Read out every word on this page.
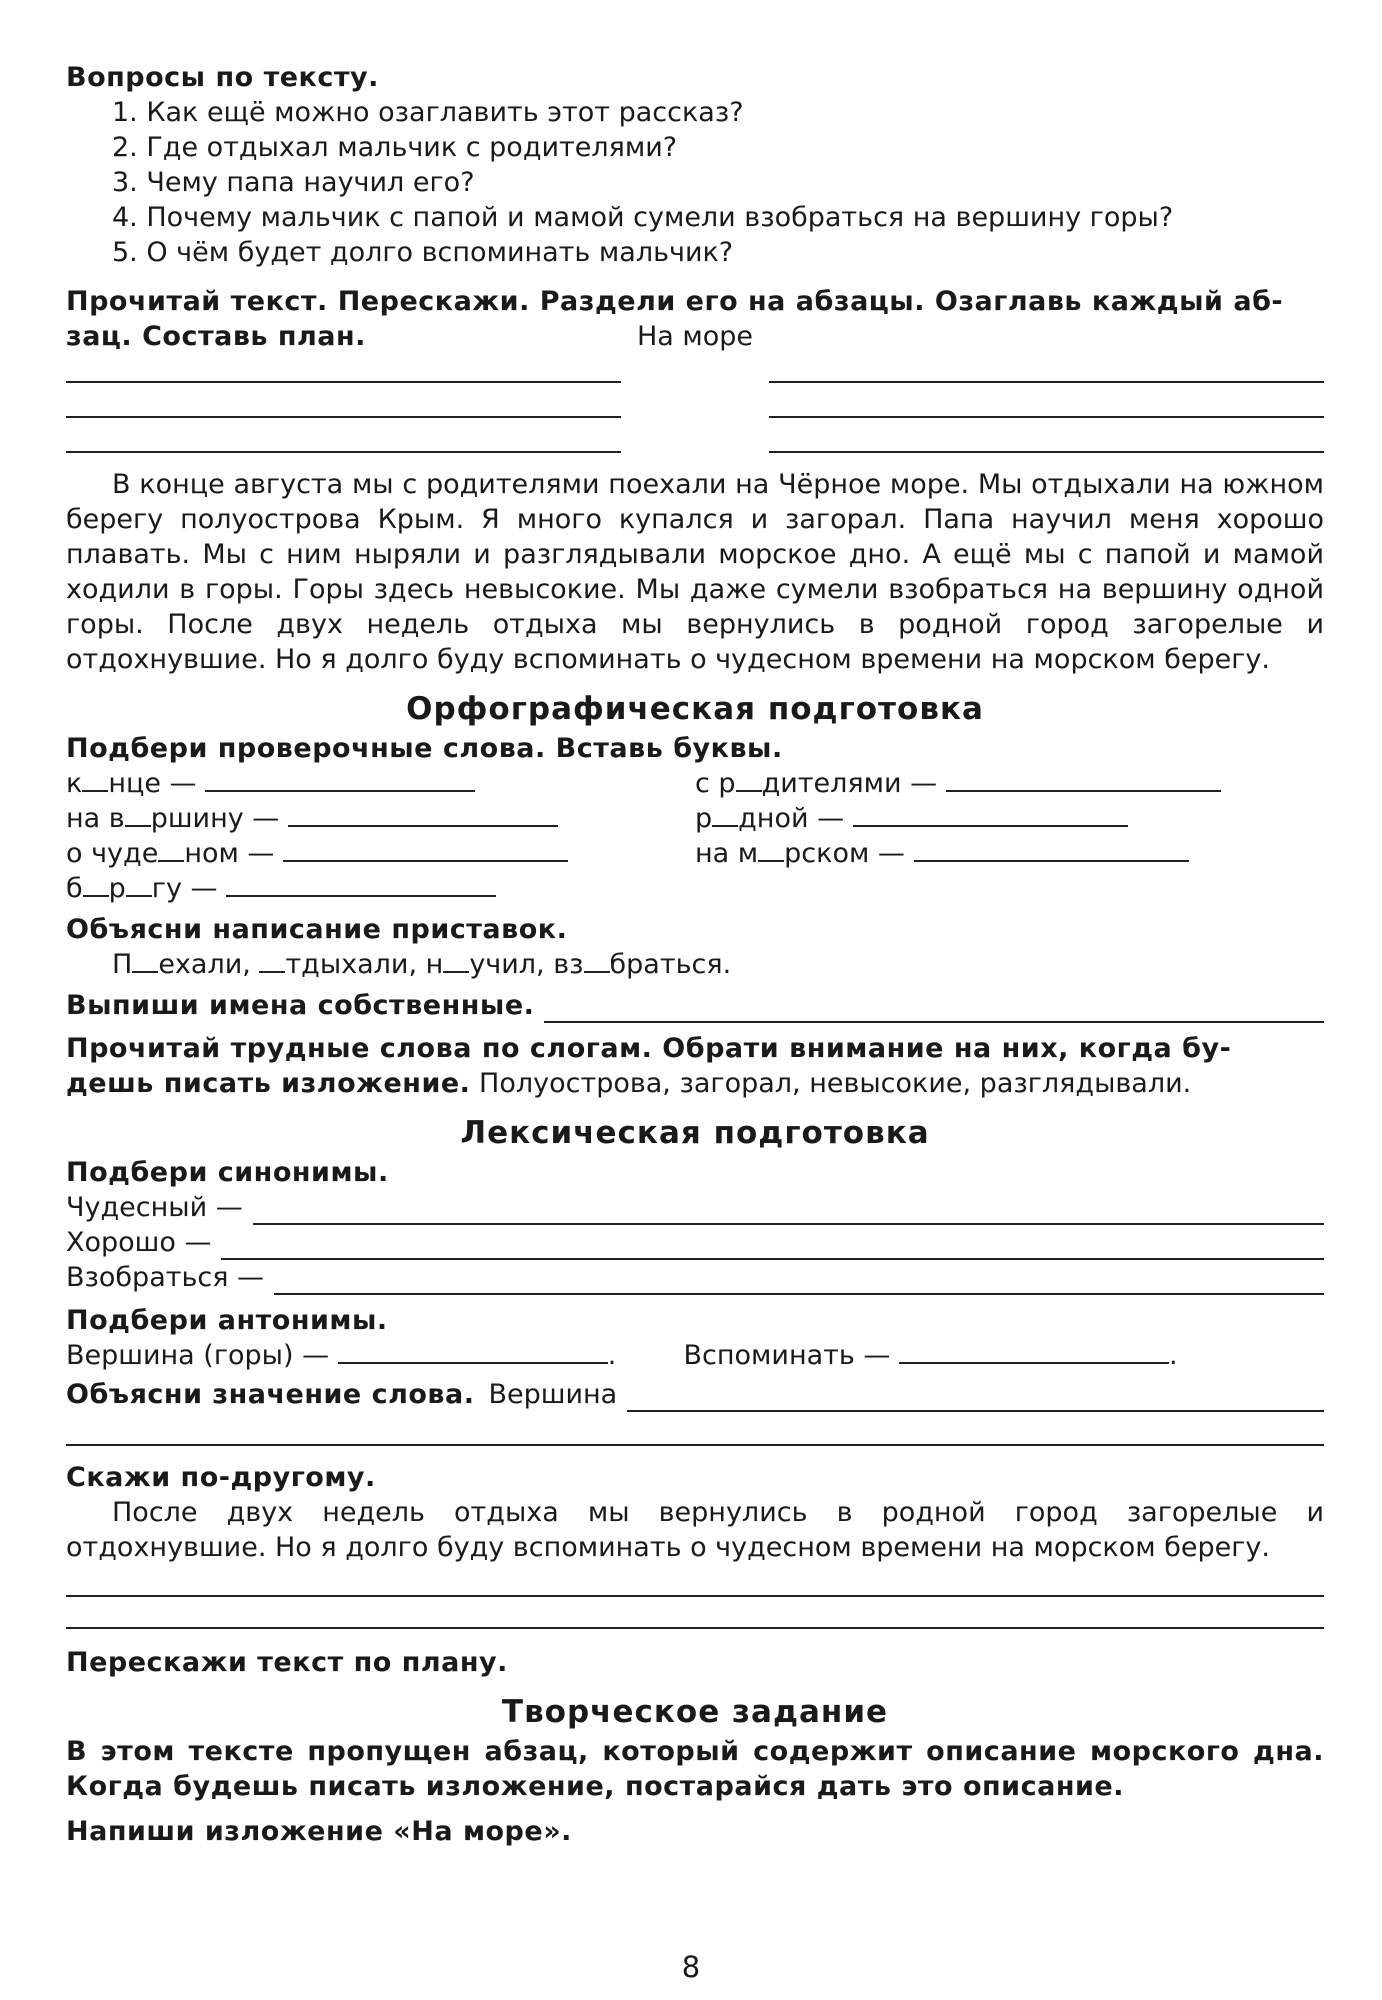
Вопросы по тексту.
1. Как ещё можно озаглавить этот рассказ?
2. Где отдыхал мальчик с родителями?
3. Чему папа научил его?
4. Почему мальчик с папой и мамой сумели взобраться на вершину горы?
5. О чём будет долго вспоминать мальчик?
Прочитай текст. Перескажи. Раздели его на абзацы. Озаглавь каждый аб-
зац. Составь план.	На море
В конце августа мы с родителями поехали на Чёрное море. Мы отдыхали на южном берегу полуострова Крым. Я много купался и загорал. Папа научил меня хорошо плавать. Мы с ним ныряли и разглядывали морское дно. А ещё мы с папой и мамой ходили в горы. Горы здесь невысокие. Мы даже сумели взобраться на вершину одной горы. После двух недель отдыха мы вернулись в родной город загорелые и отдохнувшие. Но я долго буду вспоминать о чудесном времени на морском берегу.
Орфографическая подготовка
Подбери проверочные слова. Вставь буквы.
к нце —
на в ршину —
о чуде ном —
б р гу —
с р дителями —
р дной —
на м рском —
Объясни написание приставок.
П ехали, тдыхали, н учил, вз браться.
Выпиши имена собственные.
Прочитай трудные слова по слогам. Обрати внимание на них, когда бу-
дешь писать изложение. Полуострова, загорал, невысокие, разглядывали.
Лексическая подготовка
Подбери синонимы.
Чудесный —
Хорошо —
Взобраться —
Подбери антонимы.
Вершина (горы) —	.  Вспоминать —	.
Объясни значение слова. Вершина
Скажи по-другому.
После двух недель отдыха мы вернулись в родной город загорелые и отдохнувшие. Но я долго буду вспоминать о чудесном времени на морском берегу.
Перескажи текст по плану.
Творческое задание
В этом тексте пропущен абзац, который содержит описание морского дна.
Когда будешь писать изложение, постарайся дать это описание.
Напиши изложение «На море».
8
